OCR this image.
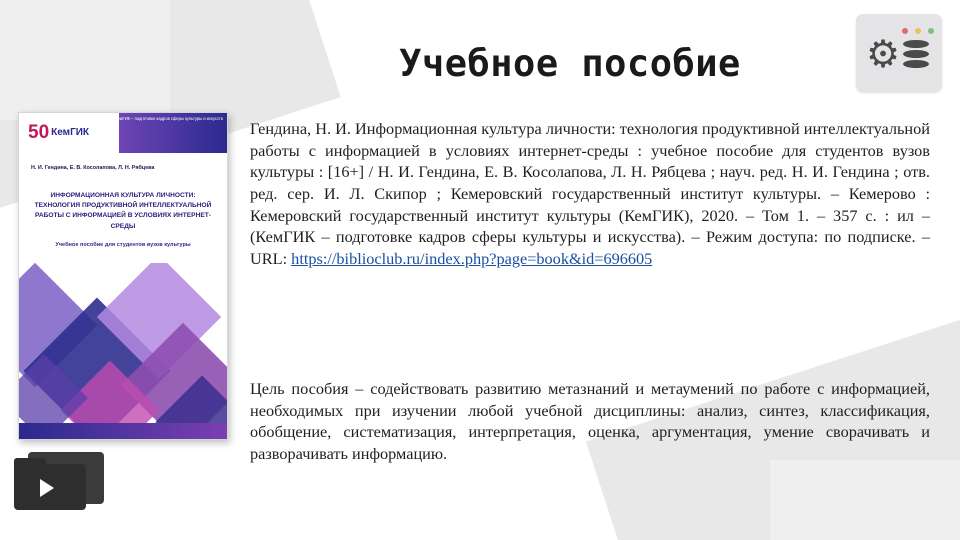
Учебное пособие
Гендина, Н. И. Информационная культура личности: технология продуктивной интеллектуальной работы с информацией в условиях интернет-среды : учебное пособие для студентов вузов культуры : [16+] / Н. И. Гендина, Е. В. Косолапова, Л. Н. Рябцева ; науч. ред. Н. И. Гендина ; отв. ред. сер. И. Л. Скипор ; Кемеровский государственный институт культуры. – Кемерово : Кемеровский государственный институт культуры (КемГИК), 2020. – Том 1. – 357 с. : ил – (КемГИК – подготовке кадров сферы культуры и искусства). – Режим доступа: по подписке. – URL: https://biblioclub.ru/index.php?page=book&id=696605
Цель пособия – содействовать развитию метазнаний и метаумений по работе с информацией, необходимых при изучении любой учебной дисциплины: анализ, синтез, классификация, обобщение, систематизация, интерпретация, оценка, аргументация, умение сворачивать и разворачивать информацию.
50 КемГИК
КемГИК – подготовке кадров сферы культуры и искусств
Н. И. Гендина, Е. В. Косолапова, Л. Н. Рябцева
ИНФОРМАЦИОННАЯ КУЛЬТУРА ЛИЧНОСТИ: ТЕХНОЛОГИЯ ПРОДУКТИВНОЙ ИНТЕЛЛЕКТУАЛЬНОЙ РАБОТЫ С ИНФОРМАЦИЕЙ В УСЛОВИЯХ ИНТЕРНЕТ-СРЕДЫ
Учебное пособие для студентов вузов культуры

⚙
